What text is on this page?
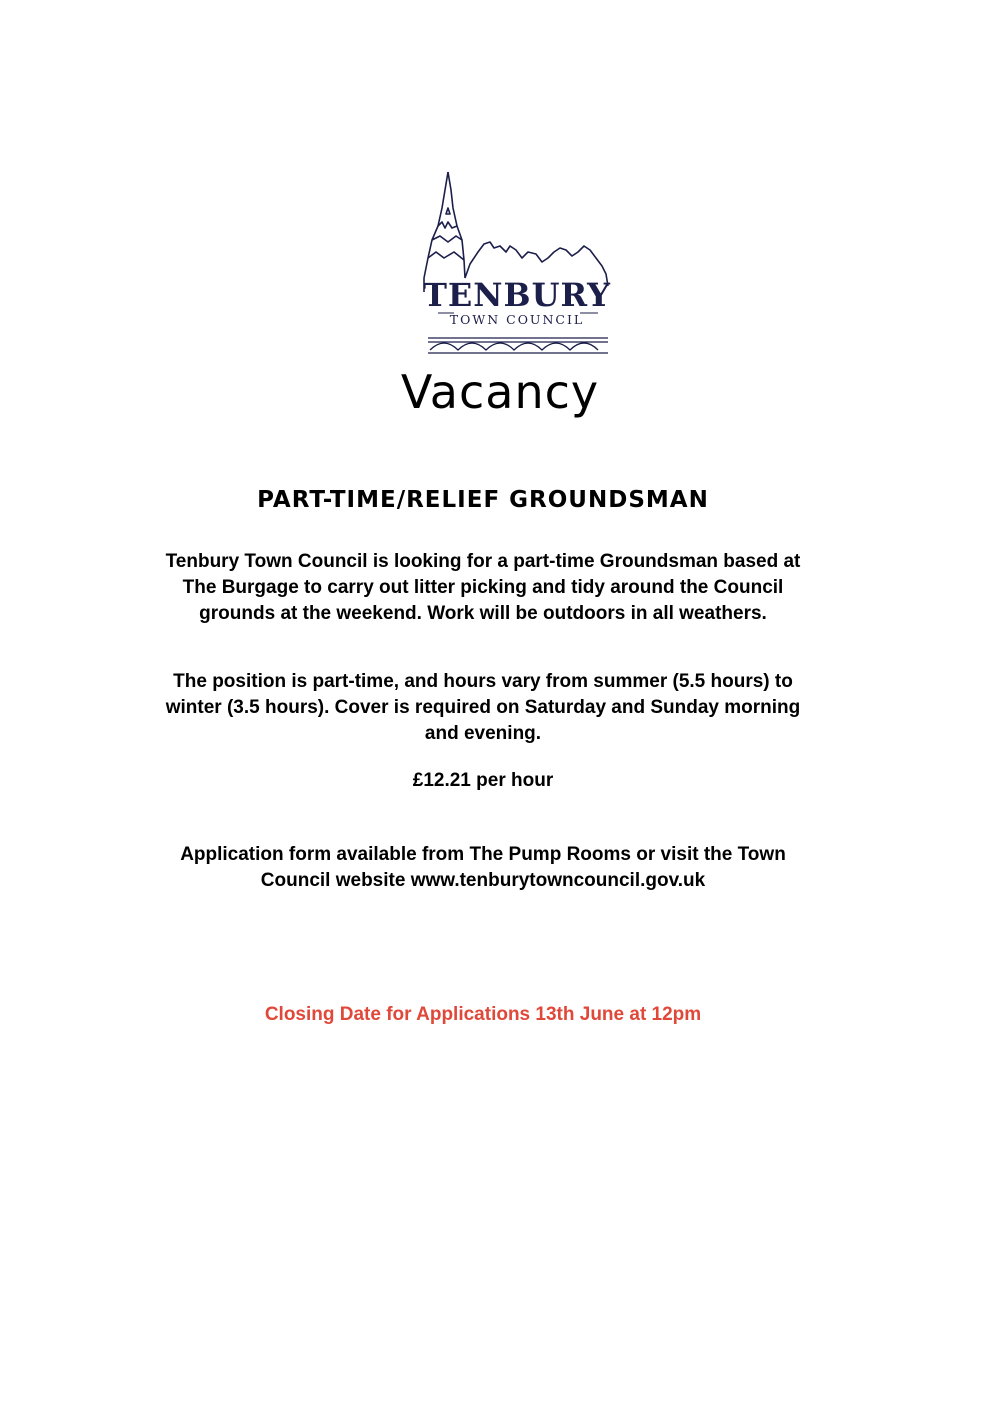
TENBURY
TOWN COUNCIL
Vacancy
PART-TIME/RELIEF GROUNDSMAN
Tenbury Town Council is looking for a part-time Groundsman based at The Burgage to carry out litter picking and tidy around the Council grounds at the weekend. Work will be outdoors in all weathers.
The position is part-time, and hours vary from summer (5.5 hours) to winter (3.5 hours). Cover is required on Saturday and Sunday morning and evening.
£12.21 per hour
Application form available from The Pump Rooms or visit the Town Council website www.tenburytowncouncil.gov.uk
Closing Date for Applications 13th June at 12pm
